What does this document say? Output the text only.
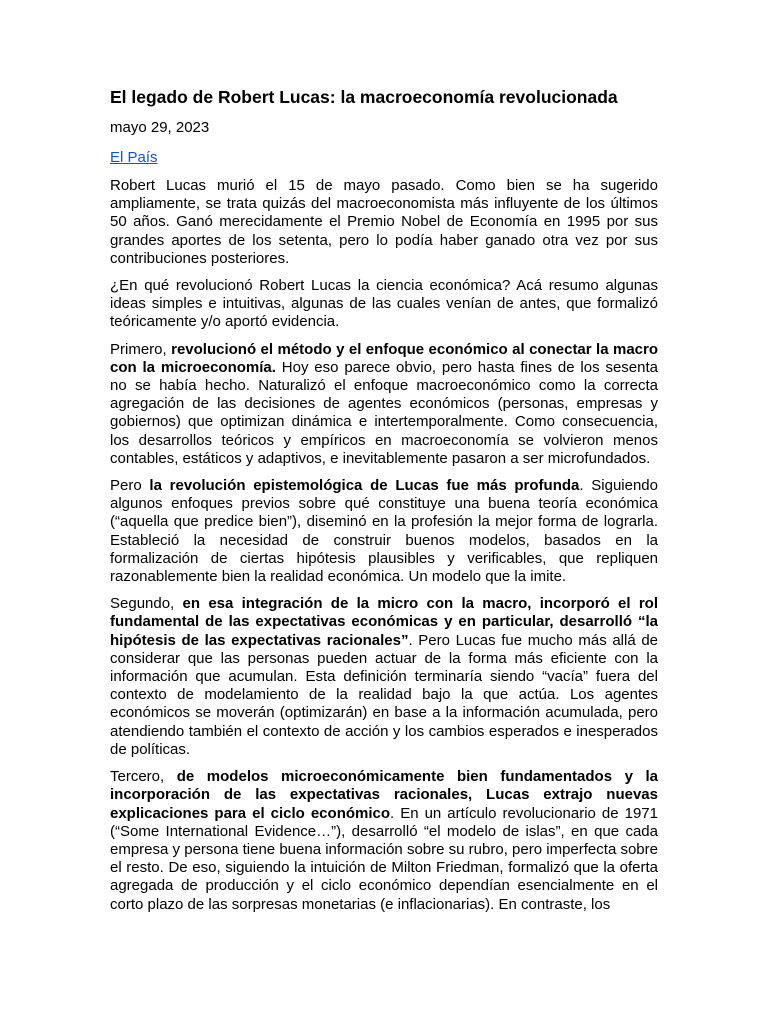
El legado de Robert Lucas: la macroeconomía revolucionada
mayo 29, 2023
El País

Robert Lucas murió el 15 de mayo pasado. Como bien se ha sugerido ampliamente, se trata quizás del macroeconomista más influyente de los últimos 50 años. Ganó merecidamente el Premio Nobel de Economía en 1995 por sus grandes aportes de los setenta, pero lo podía haber ganado otra vez por sus contribuciones posteriores.

¿En qué revolucionó Robert Lucas la ciencia económica? Acá resumo algunas ideas simples e intuitivas, algunas de las cuales venían de antes, que formalizó teóricamente y/o aportó evidencia.

Primero, revolucionó el método y el enfoque económico al conectar la macro con la microeconomía. Hoy eso parece obvio, pero hasta fines de los sesenta no se había hecho. Naturalizó el enfoque macroeconómico como la correcta agregación de las decisiones de agentes económicos (personas, empresas y gobiernos) que optimizan dinámica e intertemporalmente. Como consecuencia, los desarrollos teóricos y empíricos en macroeconomía se volvieron menos contables, estáticos y adaptivos, e inevitablemente pasaron a ser microfundados.

Pero la revolución epistemológica de Lucas fue más profunda. Siguiendo algunos enfoques previos sobre qué constituye una buena teoría económica (“aquella que predice bien”), diseminó en la profesión la mejor forma de lograrla. Estableció la necesidad de construir buenos modelos, basados en la formalización de ciertas hipótesis plausibles y verificables, que repliquen razonablemente bien la realidad económica. Un modelo que la imite.

Segundo, en esa integración de la micro con la macro, incorporó el rol fundamental de las expectativas económicas y en particular, desarrolló “la hipótesis de las expectativas racionales”. Pero Lucas fue mucho más allá de considerar que las personas pueden actuar de la forma más eficiente con la información que acumulan. Esta definición terminaría siendo “vacía” fuera del contexto de modelamiento de la realidad bajo la que actúa. Los agentes económicos se moverán (optimizarán) en base a la información acumulada, pero atendiendo también el contexto de acción y los cambios esperados e inesperados de políticas.

Tercero, de modelos microeconómicamente bien fundamentados y la incorporación de las expectativas racionales, Lucas extrajo nuevas explicaciones para el ciclo económico. En un artículo revolucionario de 1971 (“Some International Evidence…”), desarrolló “el modelo de islas”, en que cada empresa y persona tiene buena información sobre su rubro, pero imperfecta sobre el resto. De eso, siguiendo la intuición de Milton Friedman, formalizó que la oferta agregada de producción y el ciclo económico dependían esencialmente en el corto plazo de las sorpresas monetarias (e inflacionarias). En contraste, los
